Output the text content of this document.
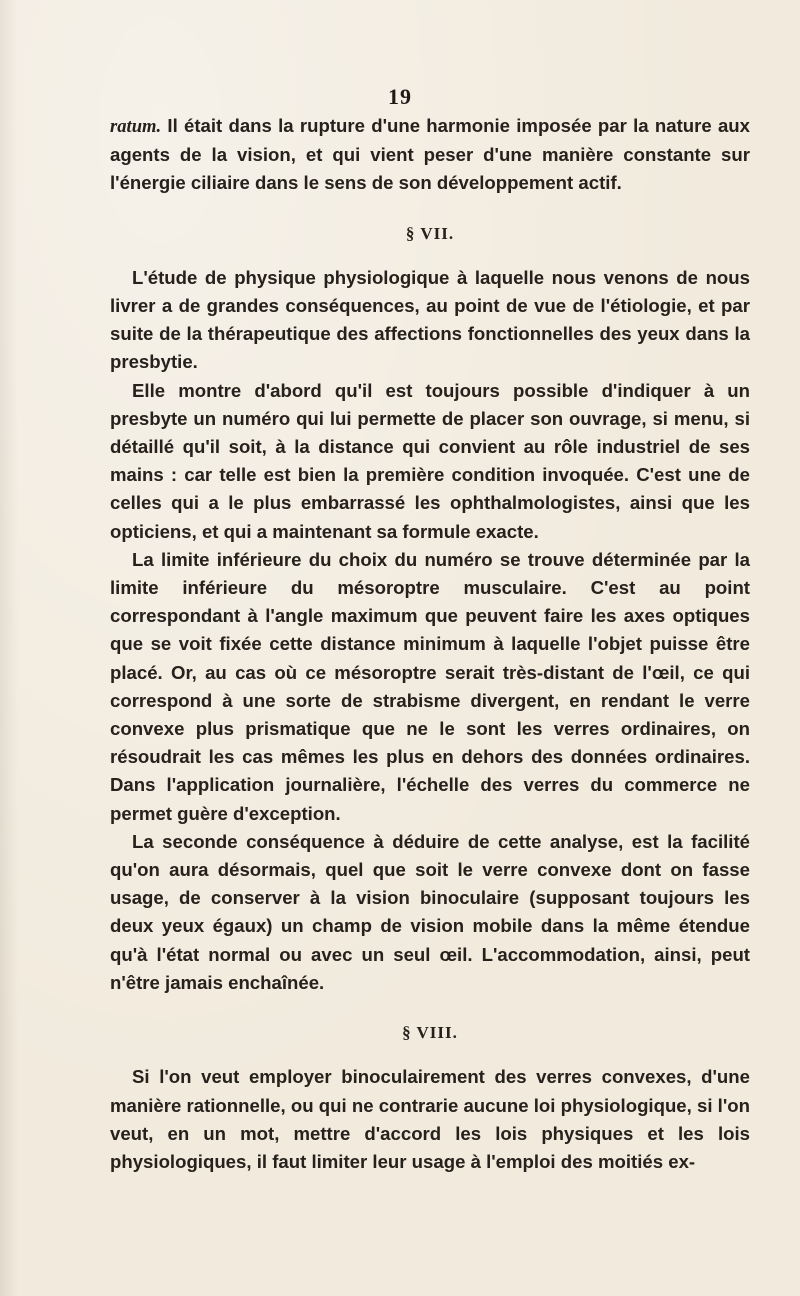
19

ratum. Il était dans la rupture d'une harmonie imposée par la nature aux agents de la vision, et qui vient peser d'une manière constante sur l'énergie ciliaire dans le sens de son développement actif.

§ VII.

L'étude de physique physiologique à laquelle nous venons de nous livrer a de grandes conséquences, au point de vue de l'étiologie, et par suite de la thérapeutique des affections fonctionnelles des yeux dans la presbytie.

Elle montre d'abord qu'il est toujours possible d'indiquer à un presbyte un numéro qui lui permette de placer son ouvrage, si menu, si détaillé qu'il soit, à la distance qui convient au rôle industriel de ses mains : car telle est bien la première condition invoquée. C'est une de celles qui a le plus embarrassé les ophthalmologistes, ainsi que les opticiens, et qui a maintenant sa formule exacte.

La limite inférieure du choix du numéro se trouve déterminée par la limite inférieure du mésoroptre musculaire. C'est au point correspondant à l'angle maximum que peuvent faire les axes optiques que se voit fixée cette distance minimum à laquelle l'objet puisse être placé. Or, au cas où ce mésoroptre serait très-distant de l'œil, ce qui correspond à une sorte de strabisme divergent, en rendant le verre convexe plus prismatique que ne le sont les verres ordinaires, on résoudrait les cas mêmes les plus en dehors des données ordinaires. Dans l'application journalière, l'échelle des verres du commerce ne permet guère d'exception.

La seconde conséquence à déduire de cette analyse, est la facilité qu'on aura désormais, quel que soit le verre convexe dont on fasse usage, de conserver à la vision binoculaire (supposant toujours les deux yeux égaux) un champ de vision mobile dans la même étendue qu'à l'état normal ou avec un seul œil. L'accommodation, ainsi, peut n'être jamais enchaînée.

§ VIII.

Si l'on veut employer binoculairement des verres convexes, d'une manière rationnelle, ou qui ne contrarie aucune loi physiologique, si l'on veut, en un mot, mettre d'accord les lois physiques et les lois physiologiques, il faut limiter leur usage à l'emploi des moitiés ex-
